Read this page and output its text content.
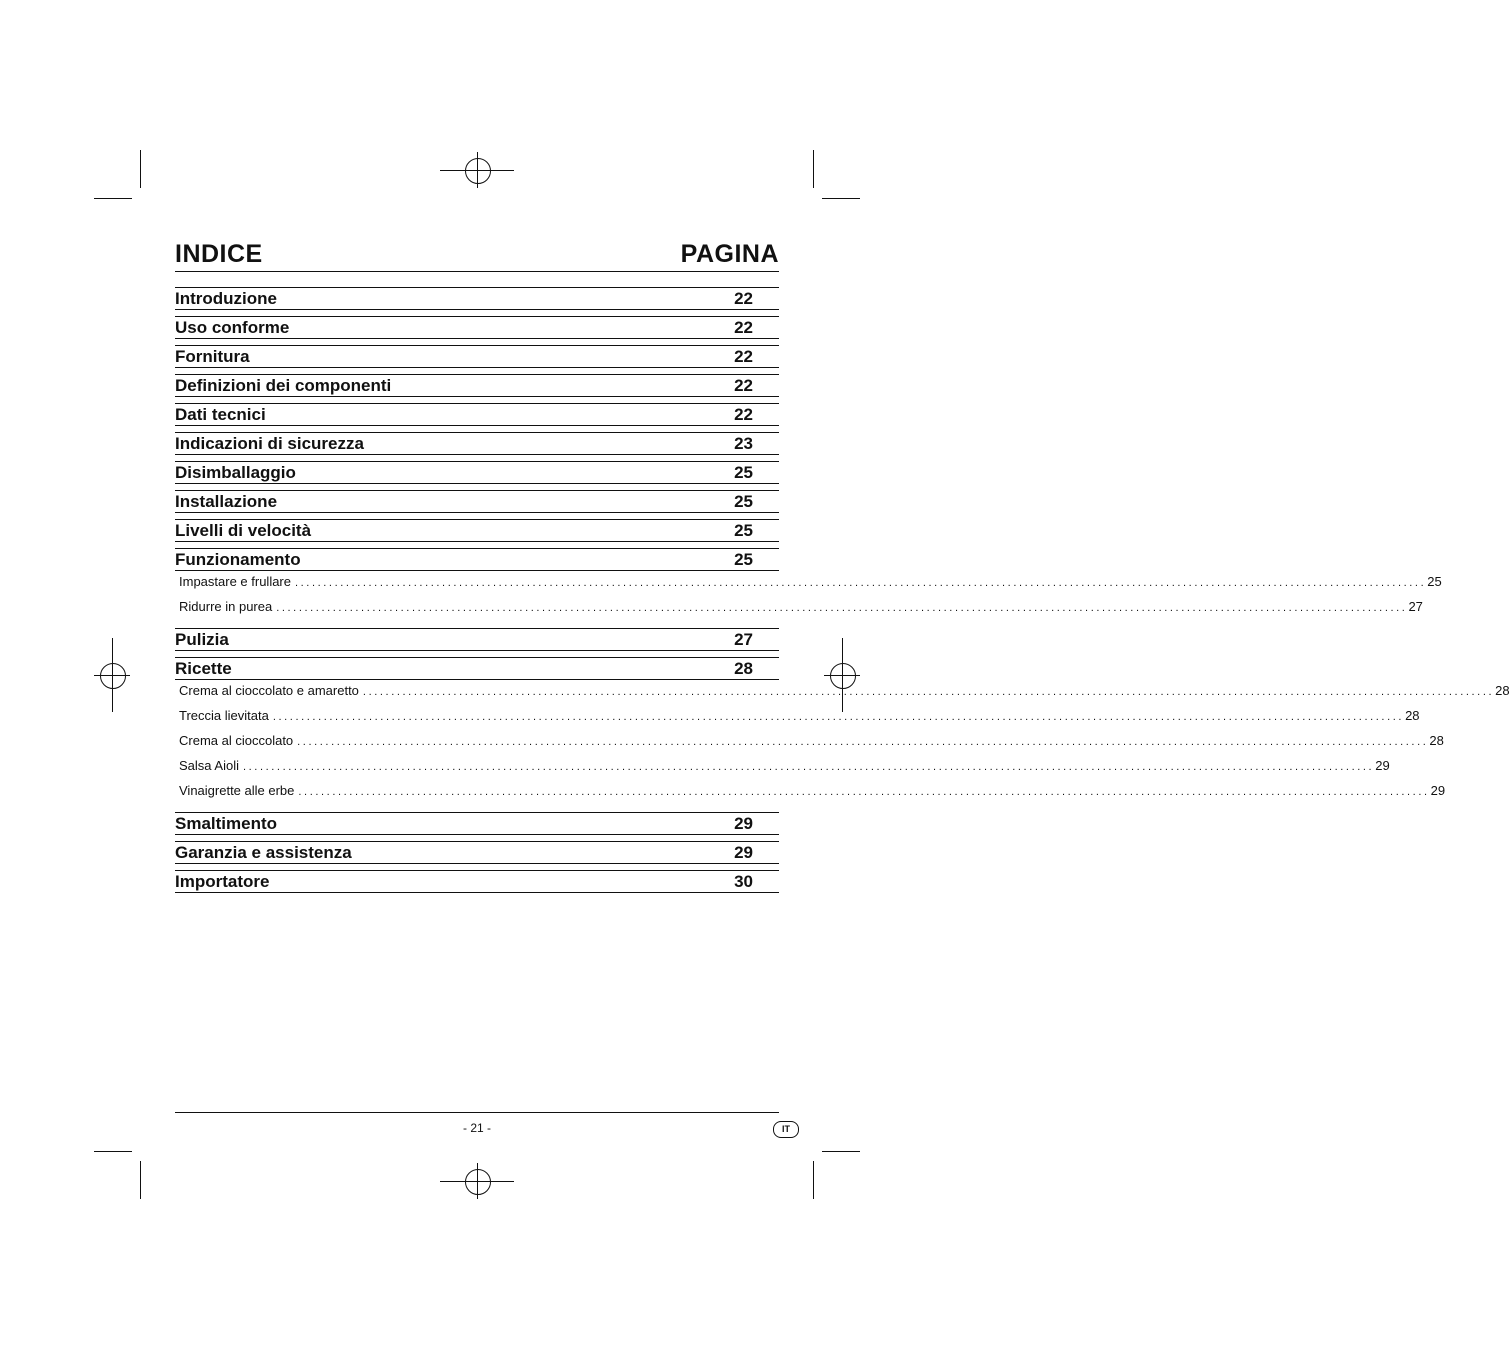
INDICE	PAGINA
Introduzione	22
Uso conforme	22
Fornitura	22
Definizioni dei componenti	22
Dati tecnici	22
Indicazioni di sicurezza	23
Disimballaggio	25
Installazione	25
Livelli di velocità	25
Funzionamento	25
Impastare e frullare ........................................................................................................................................................................................................ 25
Ridurre in purea ........................................................................................................................................................................................................ 27
Pulizia	27
Ricette	28
Crema al cioccolato e amaretto ........................................................................................................................................................................................................ 28
Treccia lievitata ........................................................................................................................................................................................................ 28
Crema al cioccolato ........................................................................................................................................................................................................ 28
Salsa Aioli ........................................................................................................................................................................................................ 29
Vinaigrette alle erbe ........................................................................................................................................................................................................ 29
Smaltimento	29
Garanzia e assistenza	29
Importatore	30
- 21 -	IT
